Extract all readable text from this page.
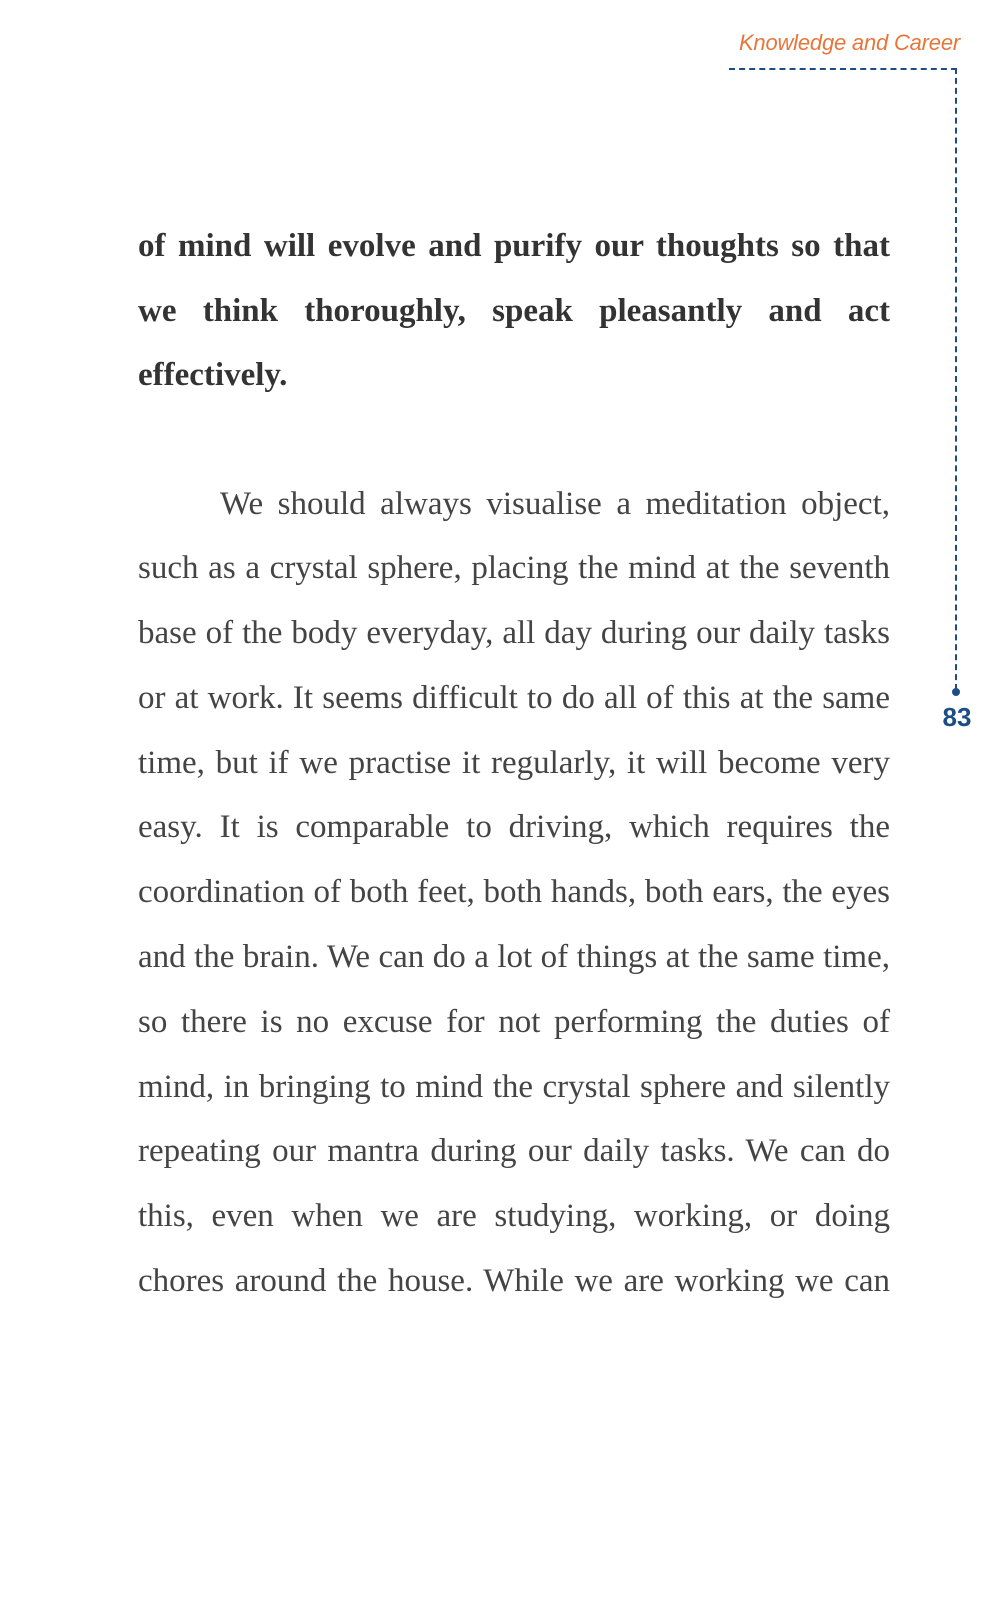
Knowledge and Career

83

of mind will evolve and purify our thoughts so that we think thoroughly, speak pleasantly and act effectively.

We should always visualise a meditation object, such as a crystal sphere, placing the mind at the seventh base of the body everyday, all day during our daily tasks or at work. It seems difficult to do all of this at the same time, but if we practise it regularly, it will become very easy. It is comparable to driving, which requires the coordination of both feet, both hands, both ears, the eyes and the brain. We can do a lot of things at the same time, so there is no excuse for not performing the duties of mind, in bringing to mind the crystal sphere and silently repeating our mantra during our daily tasks. We can do this, even when we are studying, working, or doing chores around the house. While we are working we can
